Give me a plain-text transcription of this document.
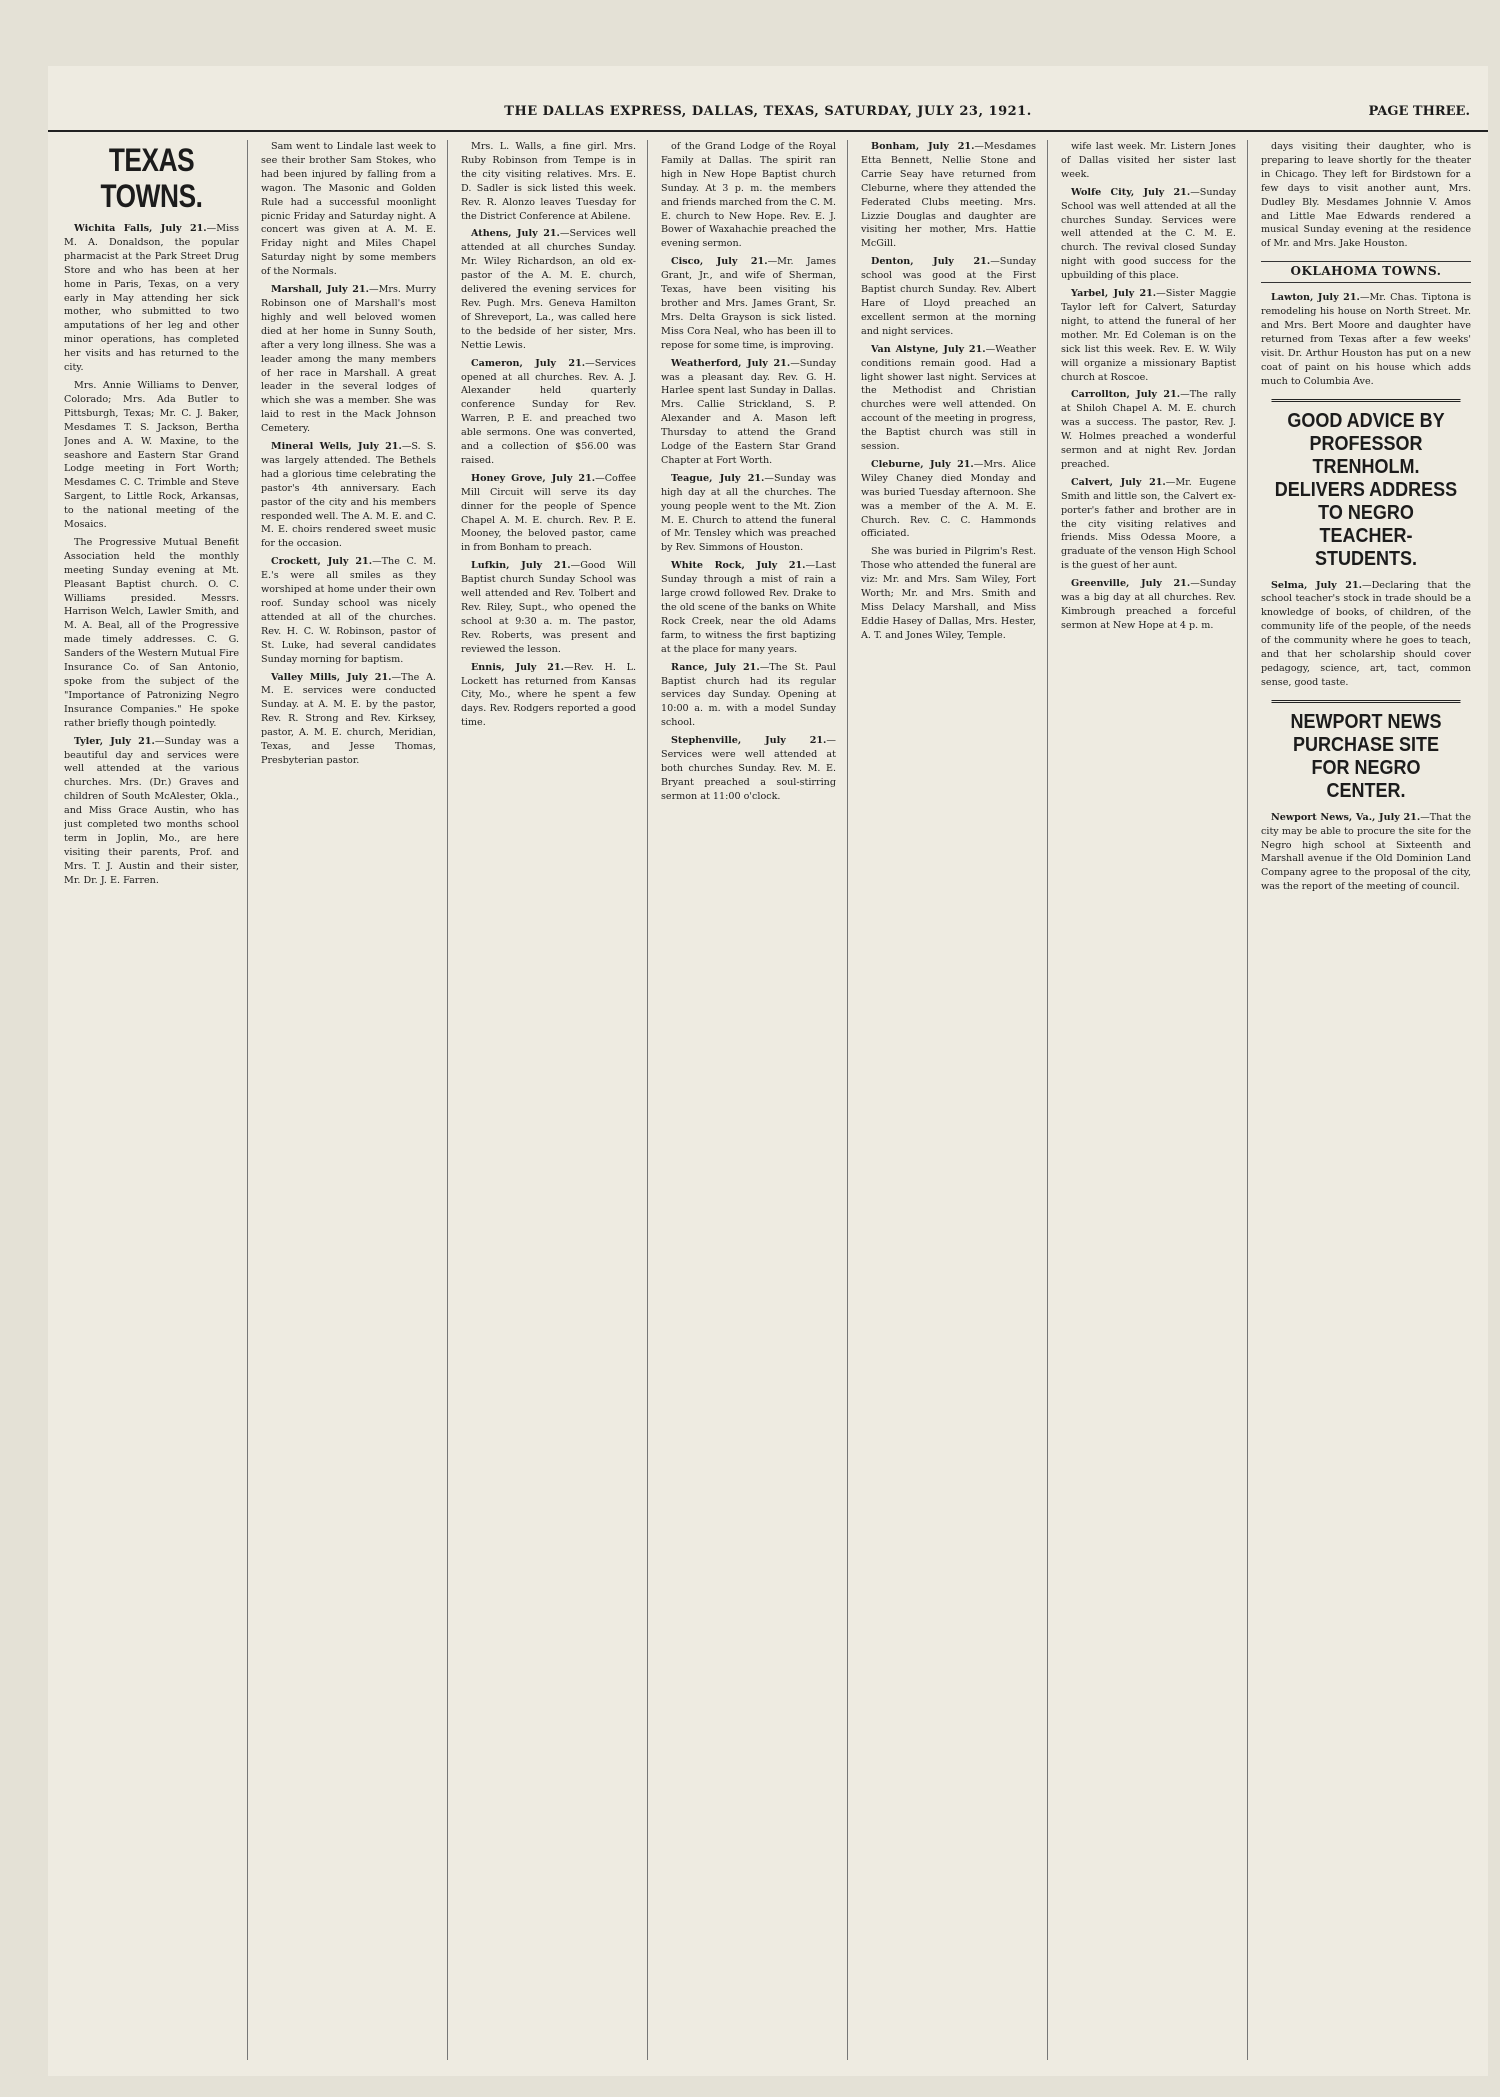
THE DALLAS EXPRESS, DALLAS, TEXAS, SATURDAY, JULY 23, 1921.	PAGE THREE.
TEXAS TOWNS.

Wichita Falls, July 21.—Miss M. A. Donaldson, the popular pharmacist at the Park Street Drug Store and who has been at her home in Paris, Texas, on a very early in May attending her sick mother, who submitted to two amputations of her leg and other minor operations, has completed her visits and has returned to the city.

Mrs. Annie Williams to Denver, Colorado; Mrs. Ada Butler to Pittsburgh, Texas; Mr. C. J. Baker, Mesdames T. S. Jackson, Bertha Jones and A. W. Maxine, to the seashore and Eastern Star Grand Lodge meeting in Fort Worth; Mesdames C. C. Trimble and Steve Sargent, to Little Rock, Arkansas, to the national meeting of the Mosaics.

The Progressive Mutual Benefit Association held the monthly meeting Sunday evening at Mt. Pleasant Baptist church. O. C. Williams presided. Messrs. Harrison Welch, Lawler Smith, and M. A. Beal, all of the Progressive made timely addresses. C. G. Sanders of the Western Mutual Fire Insurance Co. of San Antonio, spoke from the subject of the "Importance of Patronizing Negro Insurance Companies." He spoke rather briefly though pointedly.

Tyler, July 21.—Sunday was a beautiful day and services were well attended at the various churches. Mrs. (Dr.) Graves and children of South McAlester, Okla., and Miss Grace Austin, who has just completed two months school term in Joplin, Mo., are here visiting their parents, Prof. and Mrs. T. J. Austin and their sister, Mr. Dr. J. E. Farren.

Sam went to Lindale last week to see their brother Sam Stokes, who had been injured by falling from a wagon. The Masonic and Golden Rule had a successful moonlight picnic Friday and Saturday night. A concert was given at A. M. E. Friday night and Miles Chapel Saturday night by some members of the Normals.

Marshall, July 21.—Mrs. Murry Robinson one of Marshall's most highly and well beloved women died at her home in Sunny South, after a very long illness. She was a leader among the many members of her race in Marshall. A great leader in the several lodges of which she was a member. She was laid to rest in the Mack Johnson Cemetery.

Mineral Wells, July 21.—S. S. was largely attended. The Bethels had a glorious time celebrating the pastor's 4th anniversary. Each pastor of the city and his members responded well. The A. M. E. and C. M. E. choirs rendered sweet music for the occasion.

Crockett, July 21.—The C. M. E.'s were all smiles as they worshiped at home under their own roof. Sunday school was nicely attended at all of the churches. Rev. H. C. W. Robinson, pastor of St. Luke, had several candidates Sunday morning for baptism.

Valley Mills, July 21.—The A. M. E. services were conducted Sunday. at A. M. E. by the pastor, Rev. R. Strong and Rev. Kirksey, pastor, A. M. E. church, Meridian, Texas, and Jesse Thomas, Presbyterian pastor.

Mrs. L. Walls, a fine girl. Mrs. Ruby Robinson from Tempe is in the city visiting relatives. Mrs. E. D. Sadler is sick listed this week. Rev. R. Alonzo leaves Tuesday for the District Conference at Abilene.

Athens, July 21.—Services well attended at all churches Sunday. Mr. Wiley Richardson, an old ex-pastor of the A. M. E. church, delivered the evening services for Rev. Pugh. Mrs. Geneva Hamilton of Shreveport, La., was called here to the bedside of her sister, Mrs. Nettie Lewis.

Cameron, July 21.—Services opened at all churches. Rev. A. J. Alexander held quarterly conference Sunday for Rev. Warren, P. E. and preached two able sermons. One was converted, and a collection of $56.00 was raised.

Honey Grove, July 21.—Coffee Mill Circuit will serve its day dinner for the people of Spence Chapel A. M. E. church. Rev. P. E. Mooney, the beloved pastor, came in from Bonham to preach.

Lufkin, July 21.—Good Will Baptist church Sunday School was well attended and Rev. Tolbert and Rev. Riley, Supt., who opened the school at 9:30 a. m. The pastor, Rev. Roberts, was present and reviewed the lesson.

Ennis, July 21.—Rev. H. L. Lockett has returned from Kansas City, Mo., where he spent a few days. Rev. Rodgers reported a good time.

of the Grand Lodge of the Royal Family at Dallas. The spirit ran high in New Hope Baptist church Sunday. At 3 p. m. the members and friends marched from the C. M. E. church to New Hope. Rev. E. J. Bower of Waxahachie preached the evening sermon.

Cisco, July 21.—Mr. James Grant, Jr., and wife of Sherman, Texas, have been visiting his brother and Mrs. James Grant, Sr. Mrs. Delta Grayson is sick listed. Miss Cora Neal, who has been ill to repose for some time, is improving.

Weatherford, July 21.—Sunday was a pleasant day. Rev. G. H. Harlee spent last Sunday in Dallas. Mrs. Callie Strickland, S. P. Alexander and A. Mason left Thursday to attend the Grand Lodge of the Eastern Star Grand Chapter at Fort Worth.

Teague, July 21.—Sunday was high day at all the churches. The young people went to the Mt. Zion M. E. Church to attend the funeral of Mr. Tensley which was preached by Rev. Simmons of Houston.

White Rock, July 21.—Last Sunday through a mist of rain a large crowd followed Rev. Drake to the old scene of the banks on White Rock Creek, near the old Adams farm, to witness the first baptizing at the place for many years.

Rance, July 21.—The St. Paul Baptist church had its regular services day Sunday. Opening at 10:00 a. m. with a model Sunday school.

Stephenville, July 21.—Services were well attended at both churches Sunday. Rev. M. E. Bryant preached a soul-stirring sermon at 11:00 o'clock.

Bonham, July 21.—Mesdames Etta Bennett, Nellie Stone and Carrie Seay have returned from Cleburne, where they attended the Federated Clubs meeting. Mrs. Lizzie Douglas and daughter are visiting her mother, Mrs. Hattie McGill.

Denton, July 21.—Sunday school was good at the First Baptist church Sunday. Rev. Albert Hare of Lloyd preached an excellent sermon at the morning and night services.

Van Alstyne, July 21.—Weather conditions remain good. Had a light shower last night. Services at the Methodist and Christian churches were well attended. On account of the meeting in progress, the Baptist church was still in session.

Cleburne, July 21.—Mrs. Alice Wiley Chaney died Monday and was buried Tuesday afternoon. She was a member of the A. M. E. Church. Rev. C. C. Hammonds officiated.

She was buried in Pilgrim's Rest. Those who attended the funeral are viz: Mr. and Mrs. Sam Wiley, Fort Worth; Mr. and Mrs. Smith and Miss Delacy Marshall, and Miss Eddie Hasey of Dallas, Mrs. Hester, A. T. and Jones Wiley, Temple.

wife last week. Mr. Listern Jones of Dallas visited her sister last week.

Wolfe City, July 21.—Sunday School was well attended at all the churches Sunday. Services were well attended at the C. M. E. church. The revival closed Sunday night with good success for the upbuilding of this place.

Yarbel, July 21.—Sister Maggie Taylor left for Calvert, Saturday night, to attend the funeral of her mother. Mr. Ed Coleman is on the sick list this week. Rev. E. W. Wily will organize a missionary Baptist church at Roscoe.

Carrollton, July 21.—The rally at Shiloh Chapel A. M. E. church was a success. The pastor, Rev. J. W. Holmes preached a wonderful sermon and at night Rev. Jordan preached.

Calvert, July 21.—Mr. Eugene Smith and little son, the Calvert ex-porter's father and brother are in the city visiting relatives and friends. Miss Odessa Moore, a graduate of the venson High School is the guest of her aunt.

Greenville, July 21.—Sunday was a big day at all churches. Rev. Kimbrough preached a forceful sermon at New Hope at 4 p. m.

days visiting their daughter, who is preparing to leave shortly for the theater in Chicago. They left for Birdstown for a few days to visit another aunt, Mrs. Dudley Bly. Mesdames Johnnie V. Amos and Little Mae Edwards rendered a musical Sunday evening at the residence of Mr. and Mrs. Jake Houston.

OKLAHOMA TOWNS.

Lawton, July 21.—Mr. Chas. Tiptona is remodeling his house on North Street. Mr. and Mrs. Bert Moore and daughter have returned from Texas after a few weeks' visit. Dr. Arthur Houston has put on a new coat of paint on his house which adds much to Columbia Ave.

GOOD ADVICE BY PROFESSOR TRENHOLM. DELIVERS ADDRESS TO NEGRO TEACHER-STUDENTS.

Selma, July 21.—Declaring that the school teacher's stock in trade should be a knowledge of books, of children, of the community life of the people, of the needs of the community where he goes to teach, and that her scholarship should cover pedagogy, science, art, tact, common sense, good taste.

NEWPORT NEWS PURCHASE SITE FOR NEGRO CENTER.

Newport News, Va., July 21.—That the city may be able to procure the site for the Negro high school at Sixteenth and Marshall avenue if the Old Dominion Land Company agree to the proposal of the city, was the report of the meeting of council.
